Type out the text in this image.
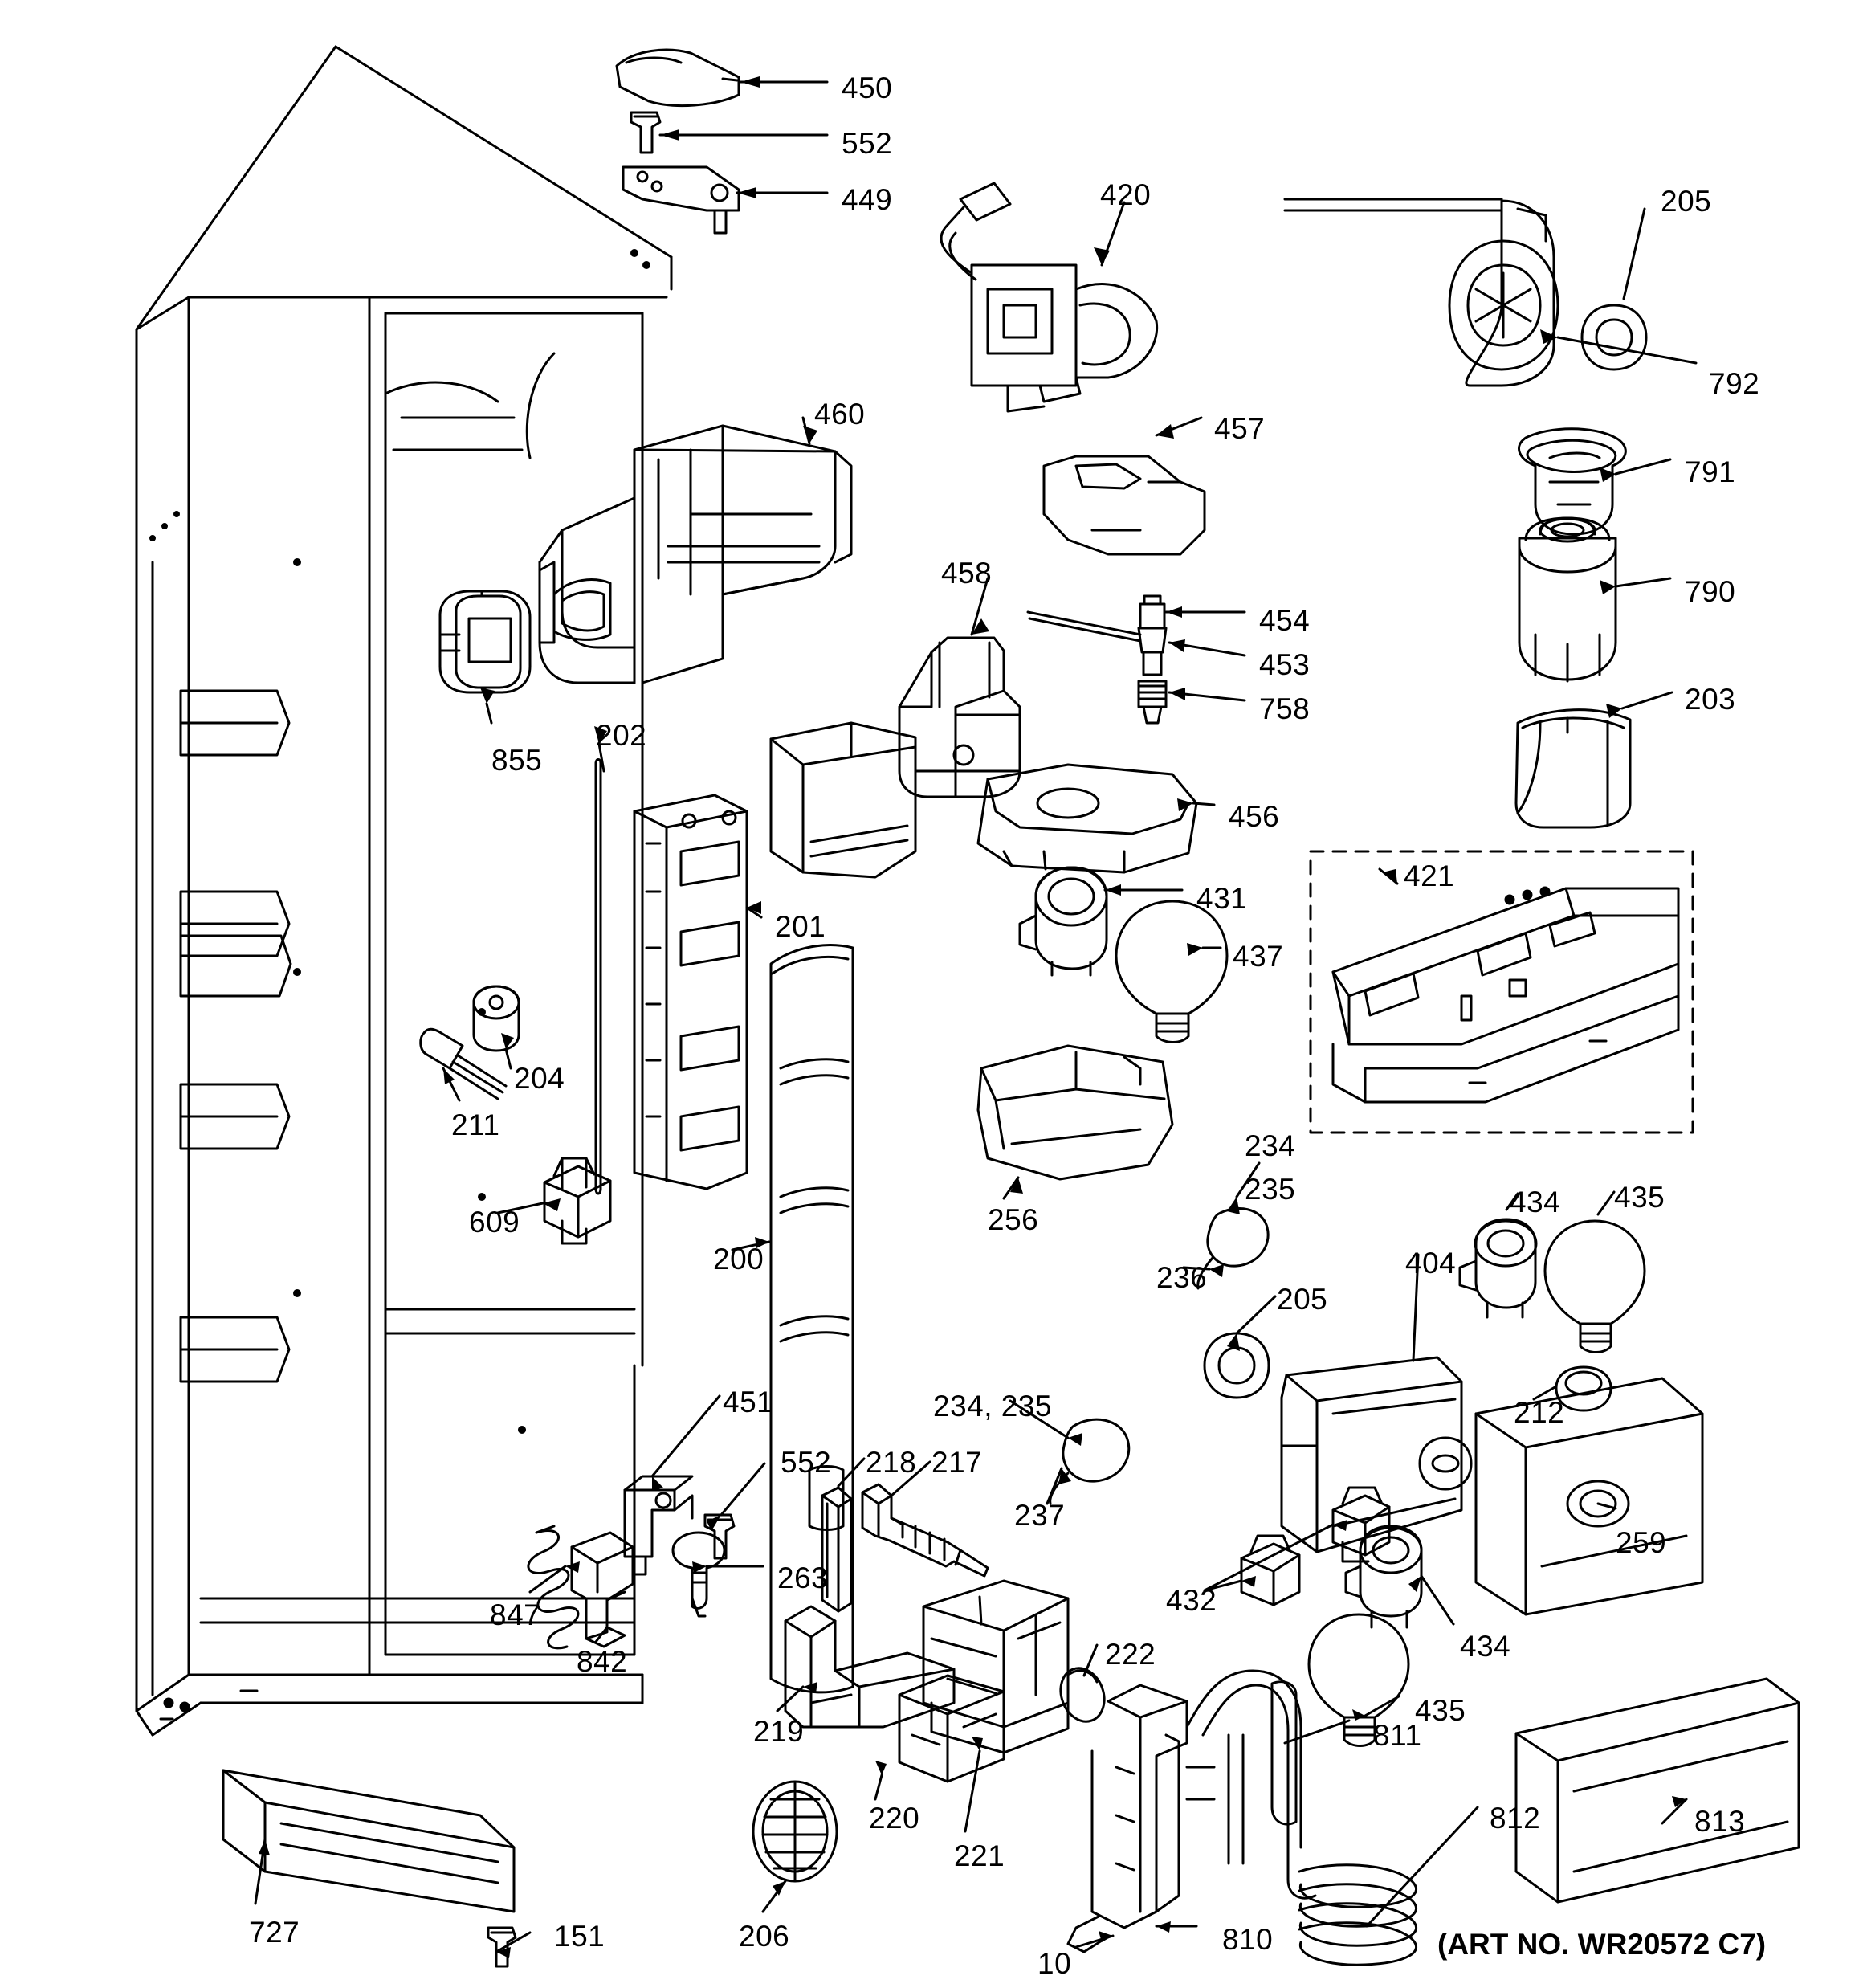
450
552
449	420	205
792
791
457
460
790
458
454
453
758	203
855
202
456
201
431
421
437
204
211
234
235	434 435
609
200
256
236	404
205
212
451	234, 235
552 218 217
237
259
263
847	432
842	434
222
219
435
811
813
220
221
812
727	151	206
10
810	(ART NO. WR20572 C7)
